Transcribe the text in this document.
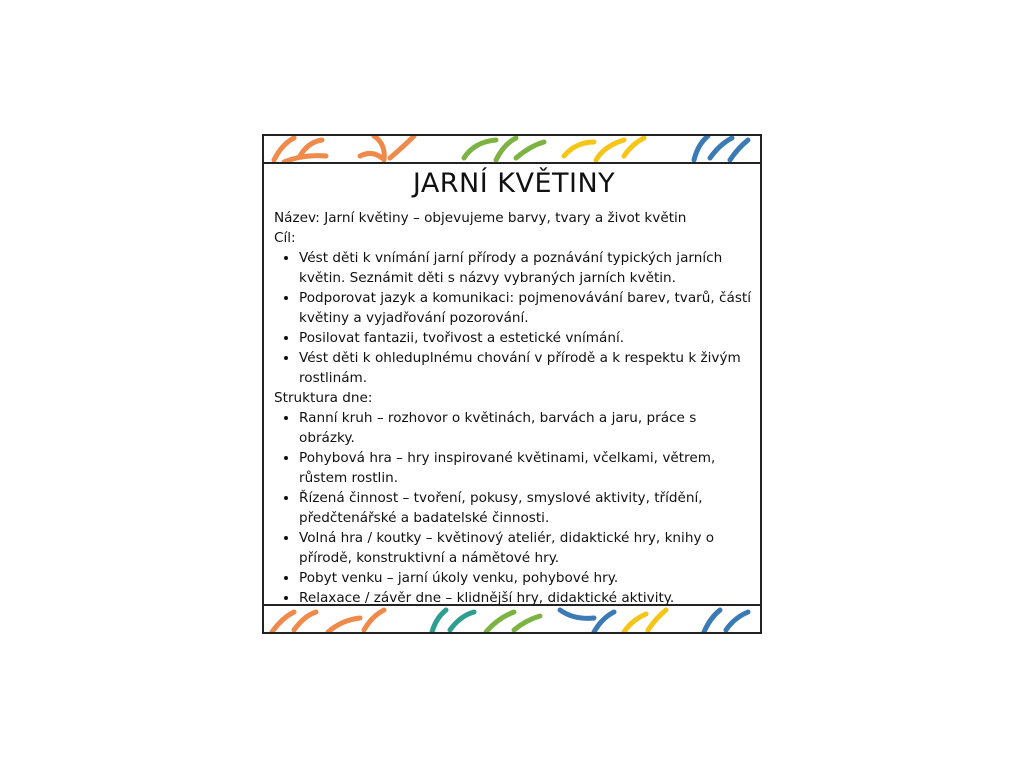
JARNÍ KVĚTINY

Název: Jarní květiny – objevujeme barvy, tvary a život květin

Cíl:

• Vést děti k vnímání jarní přírody a poznávání typických jarních květin. Seznámit děti s názvy vybraných jarních květin.
• Podporovat jazyk a komunikaci: pojmenovávání barev, tvarů, částí květiny a vyjadřování pozorování.
• Posilovat fantazii, tvořivost a estetické vnímání.
• Vést děti k ohleduplnému chování v přírodě a k respektu k živým rostlinám.

Struktura dne:

• Ranní kruh – rozhovor o květinách, barvách a jaru, práce s obrázky.
• Pohybová hra – hry inspirované květinami, včelkami, větrem, růstem rostlin.
• Řízená činnost – tvoření, pokusy, smyslové aktivity, třídění, předčtenářské a badatelské činnosti.
• Volná hra / koutky – květinový ateliér, didaktické hry, knihy o přírodě, konstruktivní a námětové hry.
• Pobyt venku – jarní úkoly venku, pohybové hry.
• Relaxace / závěr dne – klidnější hry, didaktické aktivity.
